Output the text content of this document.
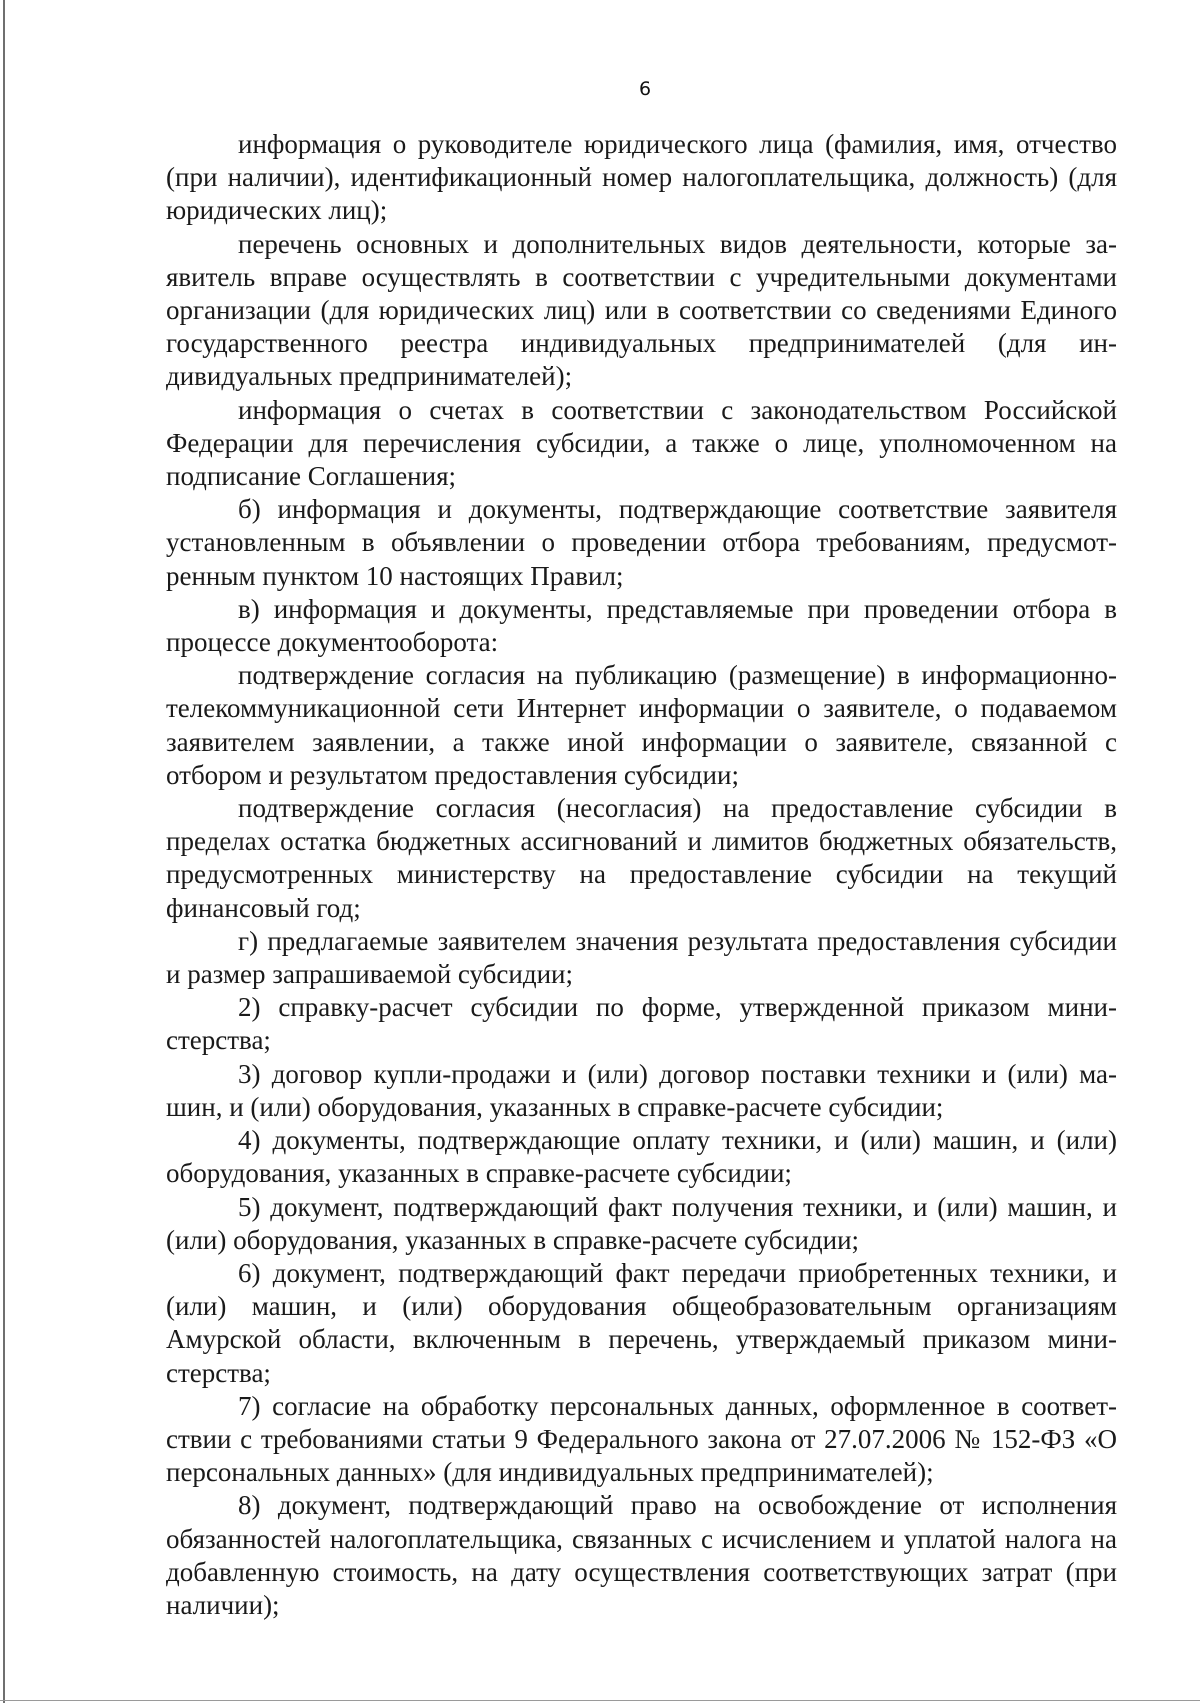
6

информация о руководителе юридического лица (фамилия, имя, отчество (при наличии), идентификационный номер налогоплательщика, должность) (для юридических лиц);

перечень основных и дополнительных видов деятельности, которые заявитель вправе осуществлять в соответствии с учредительными документами организации (для юридических лиц) или в соответствии со сведениями Единого государственного реестра индивидуальных предпринимателей (для индивидуальных предпринимателей);

информация о счетах в соответствии с законодательством Российской Федерации для перечисления субсидии, а также о лице, уполномоченном на подписание Соглашения;

б) информация и документы, подтверждающие соответствие заявителя установленным в объявлении о проведении отбора требованиям, предусмотренным пунктом 10 настоящих Правил;

в) информация и документы, представляемые при проведении отбора в процессе документооборота:

подтверждение согласия на публикацию (размещение) в информационно-телекоммуникационной сети Интернет информации о заявителе, о подаваемом заявителем заявлении, а также иной информации о заявителе, связанной с отбором и результатом предоставления субсидии;

подтверждение согласия (несогласия) на предоставление субсидии в пределах остатка бюджетных ассигнований и лимитов бюджетных обязательств, предусмотренных министерству на предоставление субсидии на текущий финансовый год;

г) предлагаемые заявителем значения результата предоставления субсидии и размер запрашиваемой субсидии;

2) справку-расчет субсидии по форме, утвержденной приказом министерства;

3) договор купли-продажи и (или) договор поставки техники и (или) машин, и (или) оборудования, указанных в справке-расчете субсидии;

4) документы, подтверждающие оплату техники, и (или) машин, и (или) оборудования, указанных в справке-расчете субсидии;

5) документ, подтверждающий факт получения техники, и (или) машин, и (или) оборудования, указанных в справке-расчете субсидии;

6) документ, подтверждающий факт передачи приобретенных техники, и (или) машин, и (или) оборудования общеобразовательным организациям Амурской области, включенным в перечень, утверждаемый приказом министерства;

7) согласие на обработку персональных данных, оформленное в соответствии с требованиями статьи 9 Федерального закона от 27.07.2006 № 152-ФЗ «О персональных данных» (для индивидуальных предпринимателей);

8) документ, подтверждающий право на освобождение от исполнения обязанностей налогоплательщика, связанных с исчислением и уплатой налога на добавленную стоимость, на дату осуществления соответствующих затрат (при наличии);
